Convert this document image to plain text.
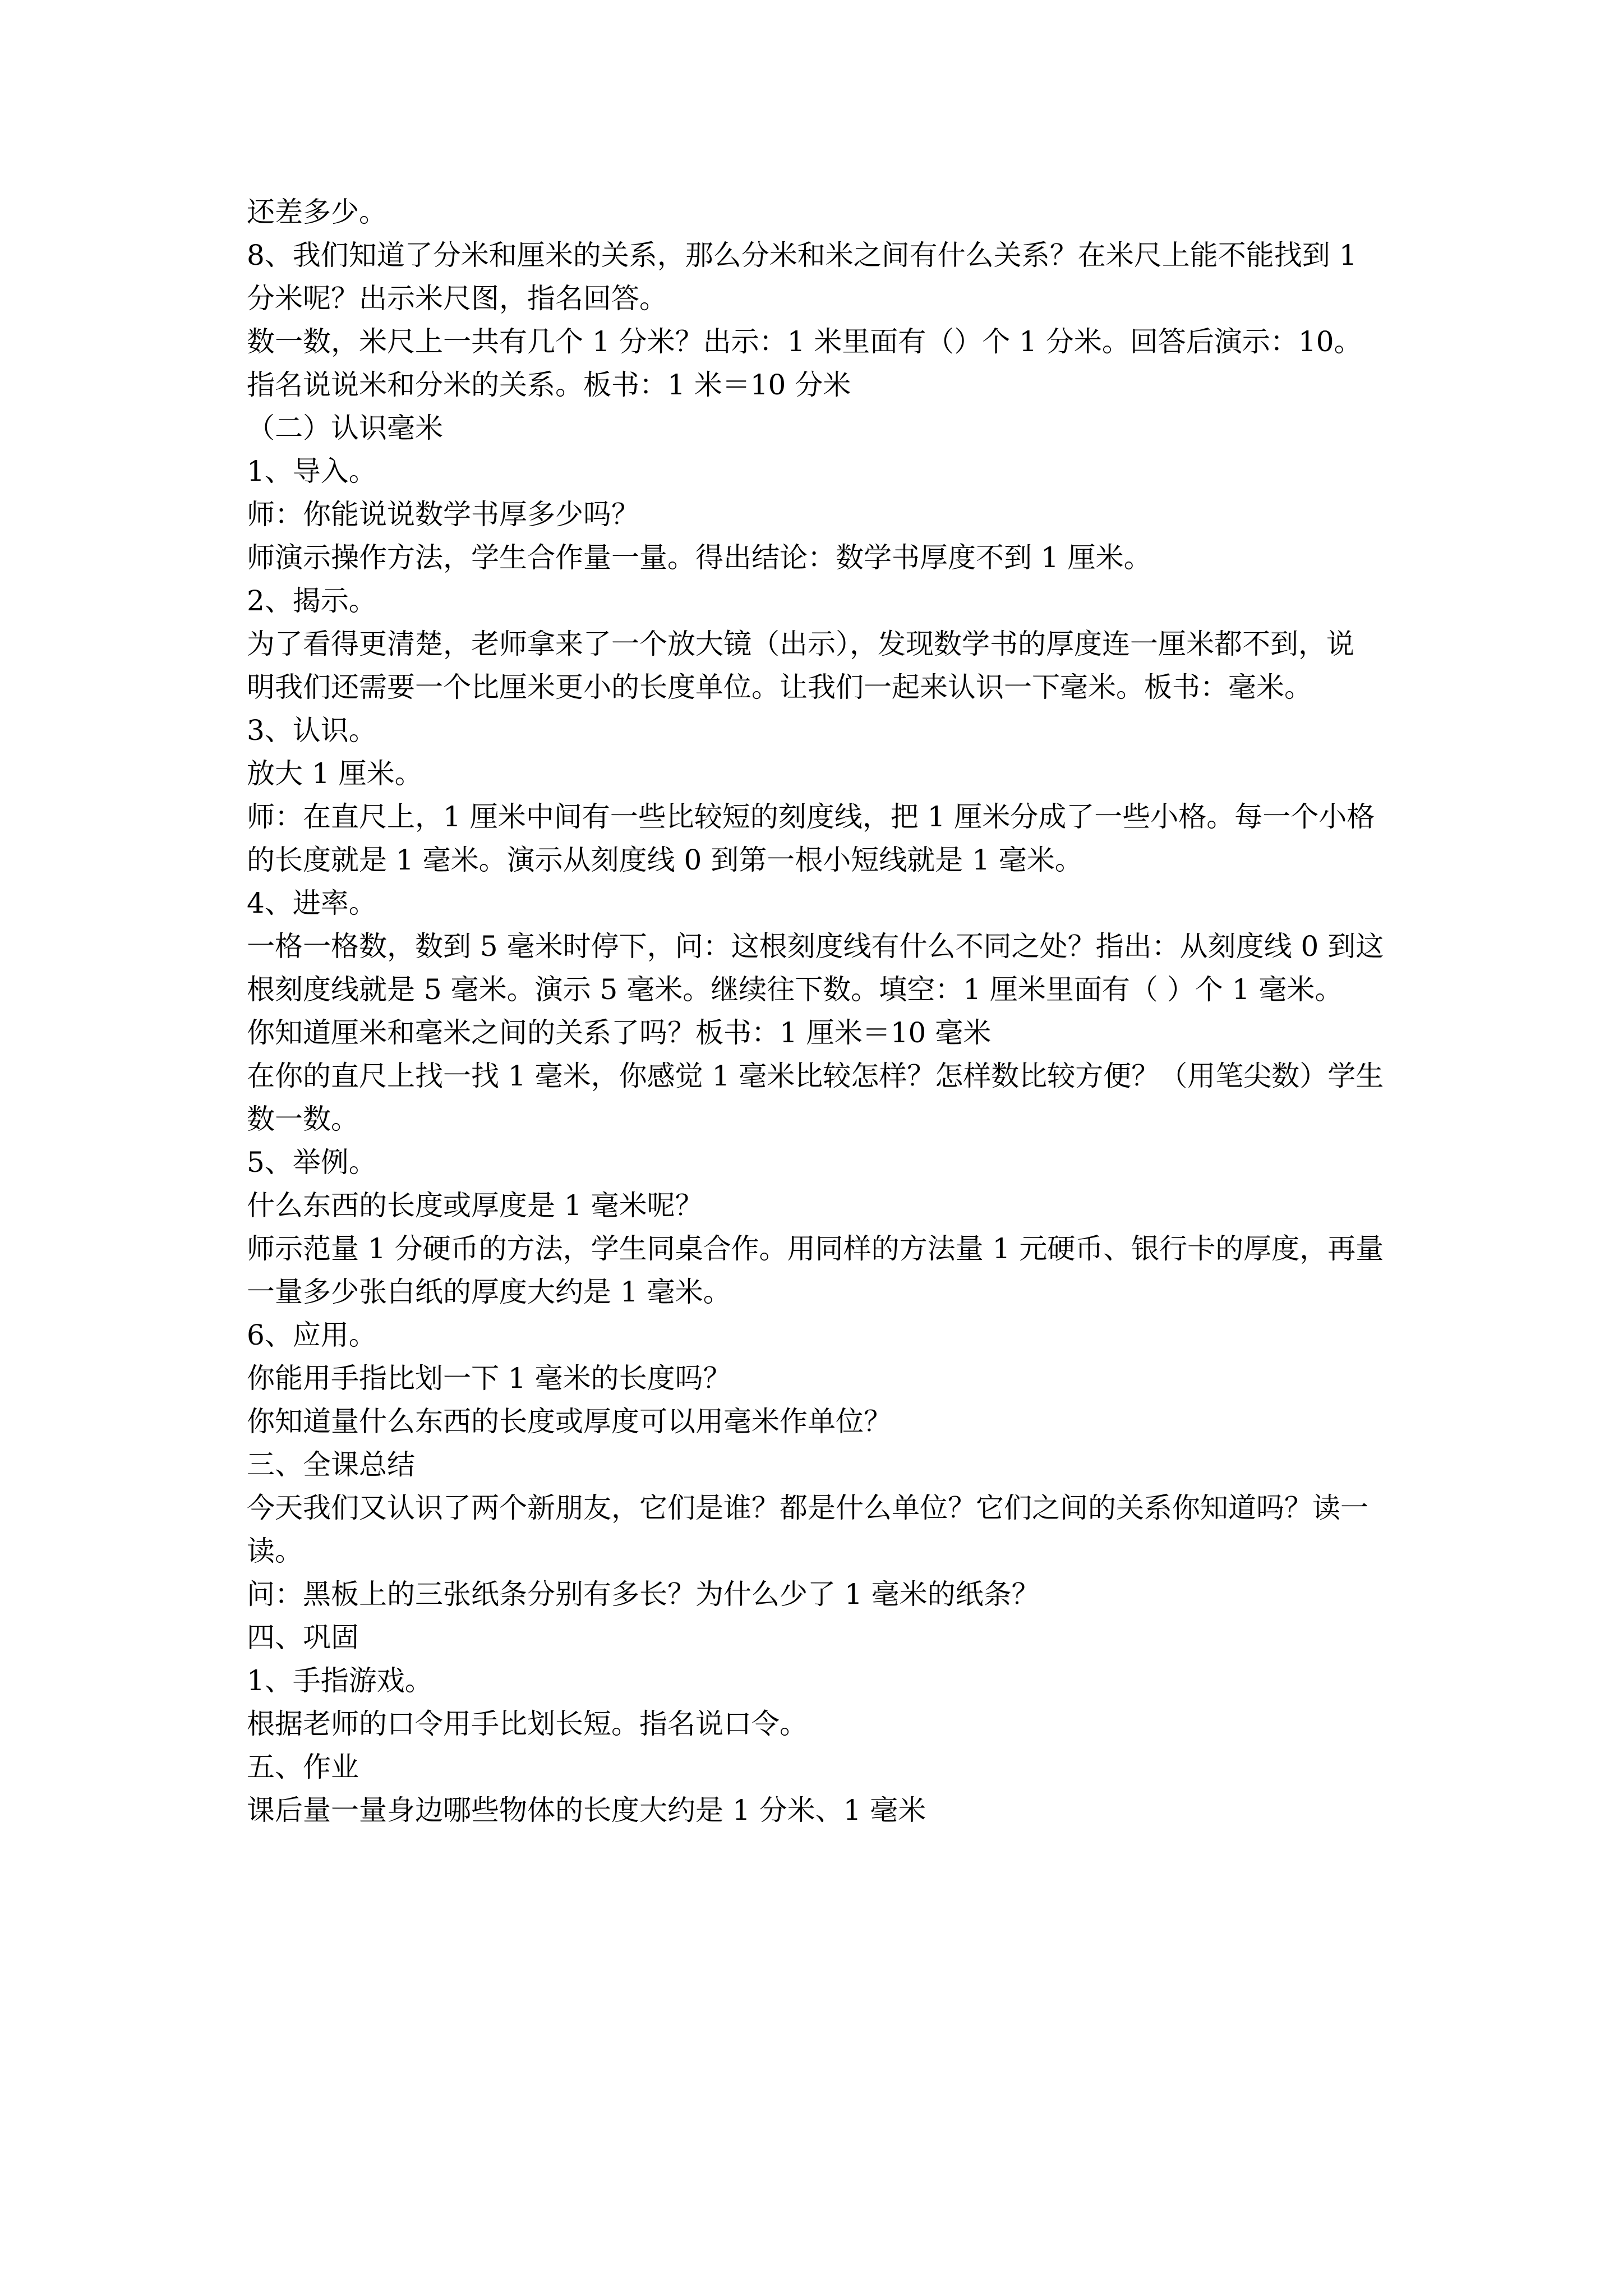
还差多少。
8、我们知道了分米和厘米的关系，那么分米和米之间有什么关系？在米尺上能不能找到 1
分米呢？出示米尺图，指名回答。
数一数，米尺上一共有几个 1 分米？出示：1 米里面有（）个 1 分米。回答后演示：10。
指名说说米和分米的关系。板书：1 米＝10 分米
（二）认识毫米
1、导入。
师：你能说说数学书厚多少吗？
师演示操作方法，学生合作量一量。得出结论：数学书厚度不到 1 厘米。
2、揭示。
为了看得更清楚，老师拿来了一个放大镜（出示），发现数学书的厚度连一厘米都不到，说
明我们还需要一个比厘米更小的长度单位。让我们一起来认识一下毫米。板书：毫米。
3、认识。
放大 1 厘米。
师：在直尺上，1 厘米中间有一些比较短的刻度线，把 1 厘米分成了一些小格。每一个小格
的长度就是 1 毫米。演示从刻度线 0 到第一根小短线就是 1 毫米。
4、进率。
一格一格数，数到 5 毫米时停下，问：这根刻度线有什么不同之处？指出：从刻度线 0 到这
根刻度线就是 5 毫米。演示 5 毫米。继续往下数。填空：1 厘米里面有（ ）个 1 毫米。
你知道厘米和毫米之间的关系了吗？板书：1 厘米＝10 毫米
在你的直尺上找一找 1 毫米，你感觉 1 毫米比较怎样？怎样数比较方便？（用笔尖数）学生
数一数。
5、举例。
什么东西的长度或厚度是 1 毫米呢？
师示范量 1 分硬币的方法，学生同桌合作。用同样的方法量 1 元硬币、银行卡的厚度，再量
一量多少张白纸的厚度大约是 1 毫米。
6、应用。
你能用手指比划一下 1 毫米的长度吗？
你知道量什么东西的长度或厚度可以用毫米作单位？
三、全课总结
今天我们又认识了两个新朋友，它们是谁？都是什么单位？它们之间的关系你知道吗？读一
读。
问：黑板上的三张纸条分别有多长？为什么少了 1 毫米的纸条？
四、巩固
1、手指游戏。
根据老师的口令用手比划长短。指名说口令。
五、作业
课后量一量身边哪些物体的长度大约是 1 分米、1 毫米
